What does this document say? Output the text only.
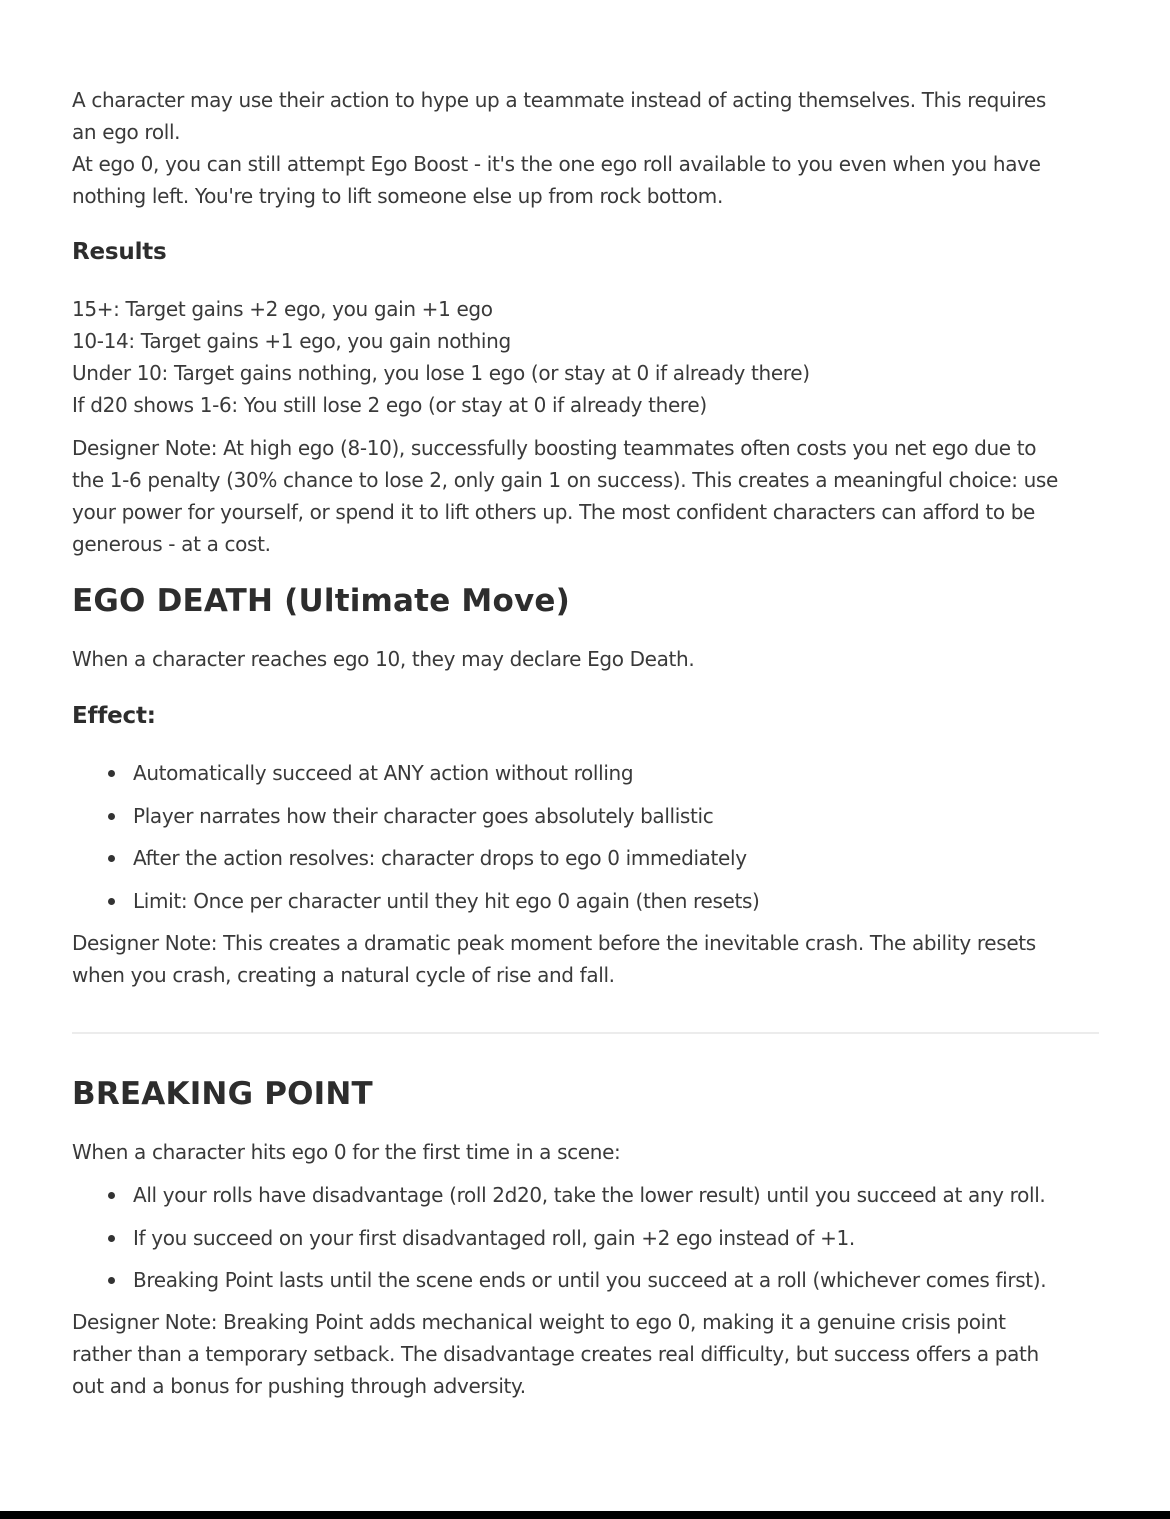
A character may use their action to hype up a teammate instead of acting themselves. This requires
an ego roll.
At ego 0, you can still attempt Ego Boost - it's the one ego roll available to you even when you have
nothing left. You're trying to lift someone else up from rock bottom.
Results
15+: Target gains +2 ego, you gain +1 ego
10-14: Target gains +1 ego, you gain nothing
Under 10: Target gains nothing, you lose 1 ego (or stay at 0 if already there)
If d20 shows 1-6: You still lose 2 ego (or stay at 0 if already there)
Designer Note: At high ego (8-10), successfully boosting teammates often costs you net ego due to
the 1-6 penalty (30% chance to lose 2, only gain 1 on success). This creates a meaningful choice: use
your power for yourself, or spend it to lift others up. The most confident characters can afford to be
generous - at a cost.
EGO DEATH (Ultimate Move)

When a character reaches ego 10, they may declare Ego Death.

Effect:
Automatically succeed at ANY action without rolling
Player narrates how their character goes absolutely ballistic
After the action resolves: character drops to ego 0 immediately
Limit: Once per character until they hit ego 0 again (then resets)
Designer Note: This creates a dramatic peak moment before the inevitable crash. The ability resets
when you crash, creating a natural cycle of rise and fall.
BREAKING POINT

When a character hits ego 0 for the first time in a scene:

All your rolls have disadvantage (roll 2d20, take the lower result) until you succeed at any roll.
If you succeed on your first disadvantaged roll, gain +2 ego instead of +1.
Breaking Point lasts until the scene ends or until you succeed at a roll (whichever comes first).
Designer Note: Breaking Point adds mechanical weight to ego 0, making it a genuine crisis point
rather than a temporary setback. The disadvantage creates real difficulty, but success offers a path
out and a bonus for pushing through adversity.
